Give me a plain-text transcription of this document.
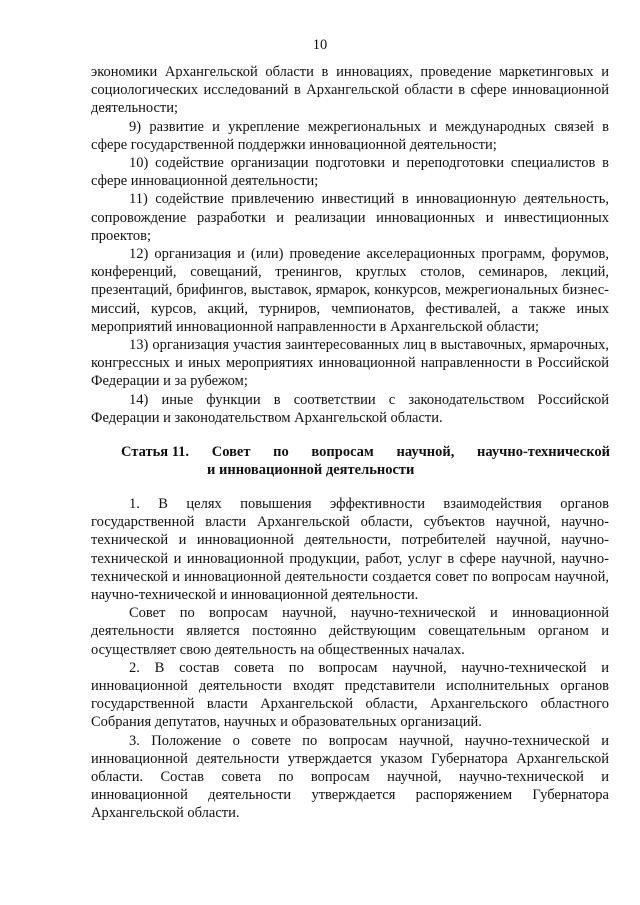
10

экономики Архангельской области в инновациях, проведение маркетинговых и социологических исследований в Архангельской области в сфере инновационной деятельности;

9) развитие и укрепление межрегиональных и международных связей в сфере государственной поддержки инновационной деятельности;

10) содействие организации подготовки и переподготовки специалистов в сфере инновационной деятельности;

11) содействие привлечению инвестиций в инновационную деятельность, сопровождение разработки и реализации инновационных и инвестиционных проектов;

12) организация и (или) проведение акселерационных программ, форумов, конференций, совещаний, тренингов, круглых столов, семинаров, лекций, презентаций, брифингов, выставок, ярмарок, конкурсов, межрегиональных бизнес-миссий, курсов, акций, турниров, чемпионатов, фестивалей, а также иных мероприятий инновационной направленности в Архангельской области;

13) организация участия заинтересованных лиц в выставочных, ярмарочных, конгрессных и иных мероприятиях инновационной направленности в Российской Федерации и за рубежом;

14) иные функции в соответствии с законодательством Российской Федерации и законодательством Архангельской области.

Статья 11. Совет по вопросам научной, научно-технической
и инновационной деятельности

1. В целях повышения эффективности взаимодействия органов государственной власти Архангельской области, субъектов научной, научно-технической и инновационной деятельности, потребителей научной, научно-технической и инновационной продукции, работ, услуг в сфере научной, научно-технической и инновационной деятельности создается совет по вопросам научной, научно-технической и инновационной деятельности.

Совет по вопросам научной, научно-технической и инновационной деятельности является постоянно действующим совещательным органом и осуществляет свою деятельность на общественных началах.

2. В состав совета по вопросам научной, научно-технической и инновационной деятельности входят представители исполнительных органов государственной власти Архангельской области, Архангельского областного Собрания депутатов, научных и образовательных организаций.

3. Положение о совете по вопросам научной, научно-технической и инновационной деятельности утверждается указом Губернатора Архангельской области. Состав совета по вопросам научной, научно-технической и инновационной деятельности утверждается распоряжением Губернатора Архангельской области.
